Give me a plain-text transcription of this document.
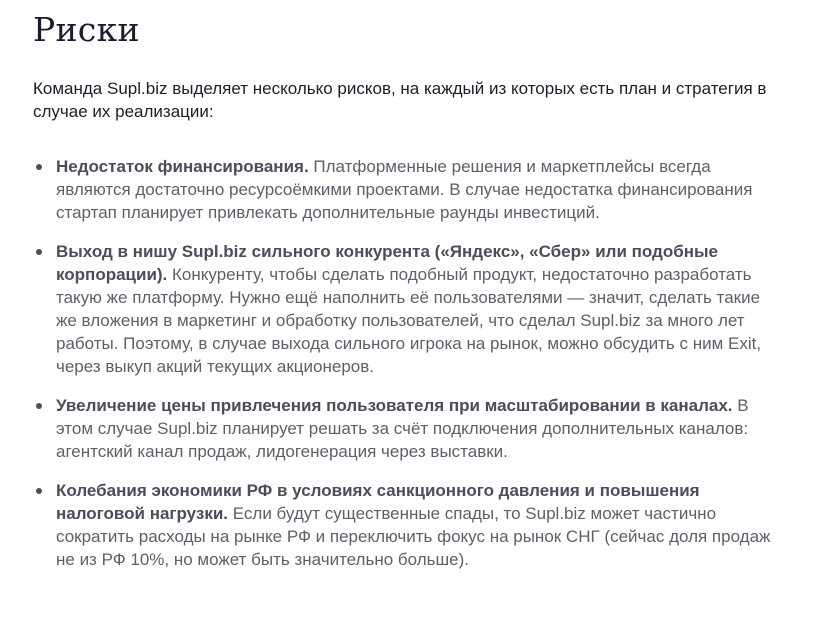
Риски

Команда Supl.biz выделяет несколько рисков, на каждый из которых есть план и стратегия в случае их реализации:

Недостаток финансирования. Платформенные решения и маркетплейсы всегда являются достаточно ресурсоёмкими проектами. В случае недостатка финансирования стартап планирует привлекать дополнительные раунды инвестиций.
Выход в нишу Supl.biz сильного конкурента («Яндекс», «Сбер» или подобные корпорации). Конкуренту, чтобы сделать подобный продукт, недостаточно разработать такую же платформу. Нужно ещё наполнить её пользователями — значит, сделать такие же вложения в маркетинг и обработку пользователей, что сделал Supl.biz за много лет работы. Поэтому, в случае выхода сильного игрока на рынок, можно обсудить с ним Exit, через выкуп акций текущих акционеров.
Увеличение цены привлечения пользователя при масштабировании в каналах. В этом случае Supl.biz планирует решать за счёт подключения дополнительных каналов: агентский канал продаж, лидогенерация через выставки.
Колебания экономики РФ в условиях санкционного давления и повышения налоговой нагрузки. Если будут существенные спады, то Supl.biz может частично сократить расходы на рынке РФ и переключить фокус на рынок СНГ (сейчас доля продаж не из РФ 10%, но может быть значительно больше).
